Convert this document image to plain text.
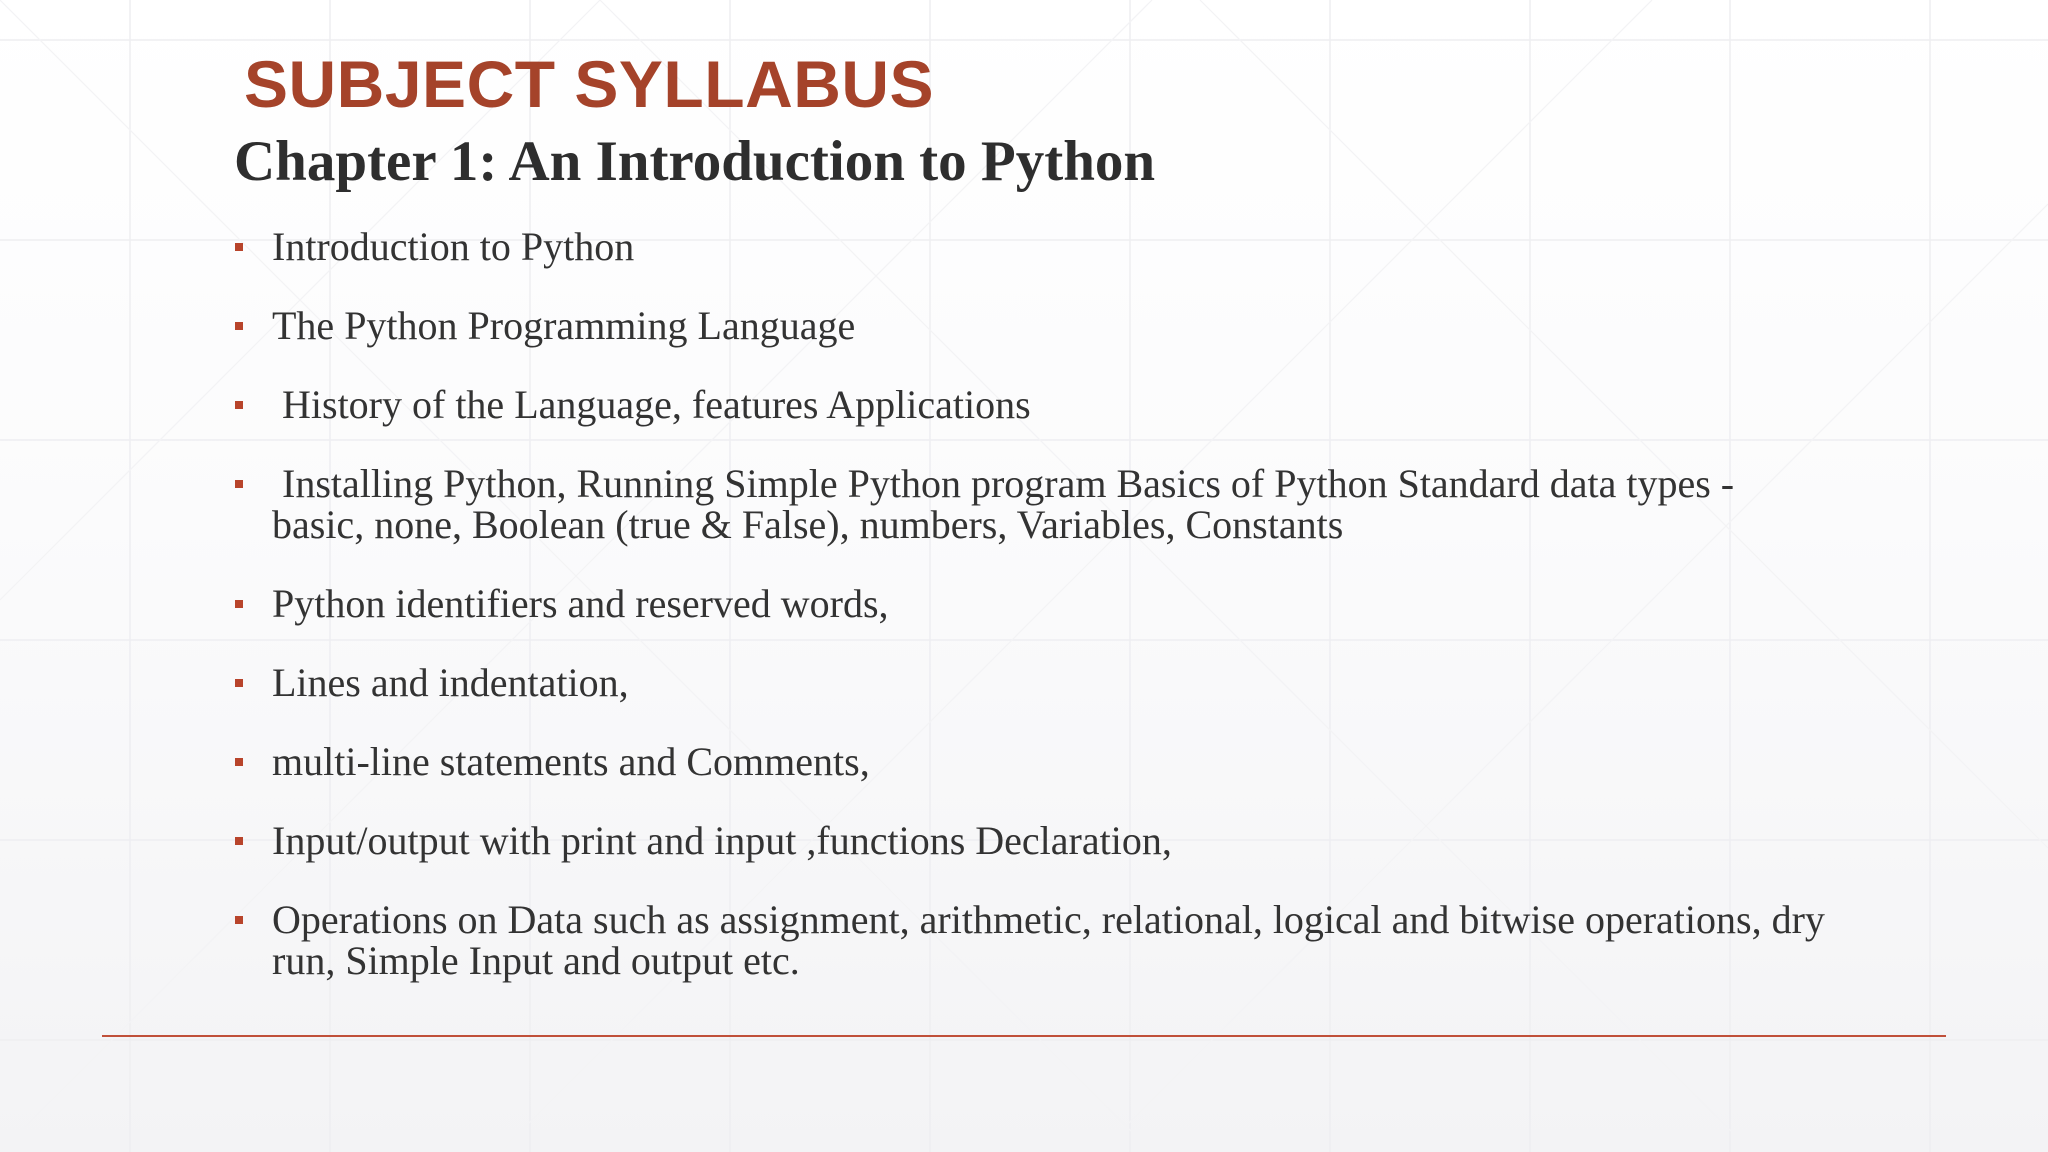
SUBJECT SYLLABUS
Chapter 1: An Introduction to Python
Introduction to Python
The Python Programming Language
History of the Language, features Applications
Installing Python, Running Simple Python program Basics of Python Standard data types - basic, none, Boolean (true & False), numbers, Variables, Constants
Python identifiers and reserved words,
Lines and indentation,
multi-line statements and Comments,
Input/output with print and input ,functions Declaration,
Operations on Data such as assignment, arithmetic, relational, logical and bitwise operations, dry run, Simple Input and output etc.
